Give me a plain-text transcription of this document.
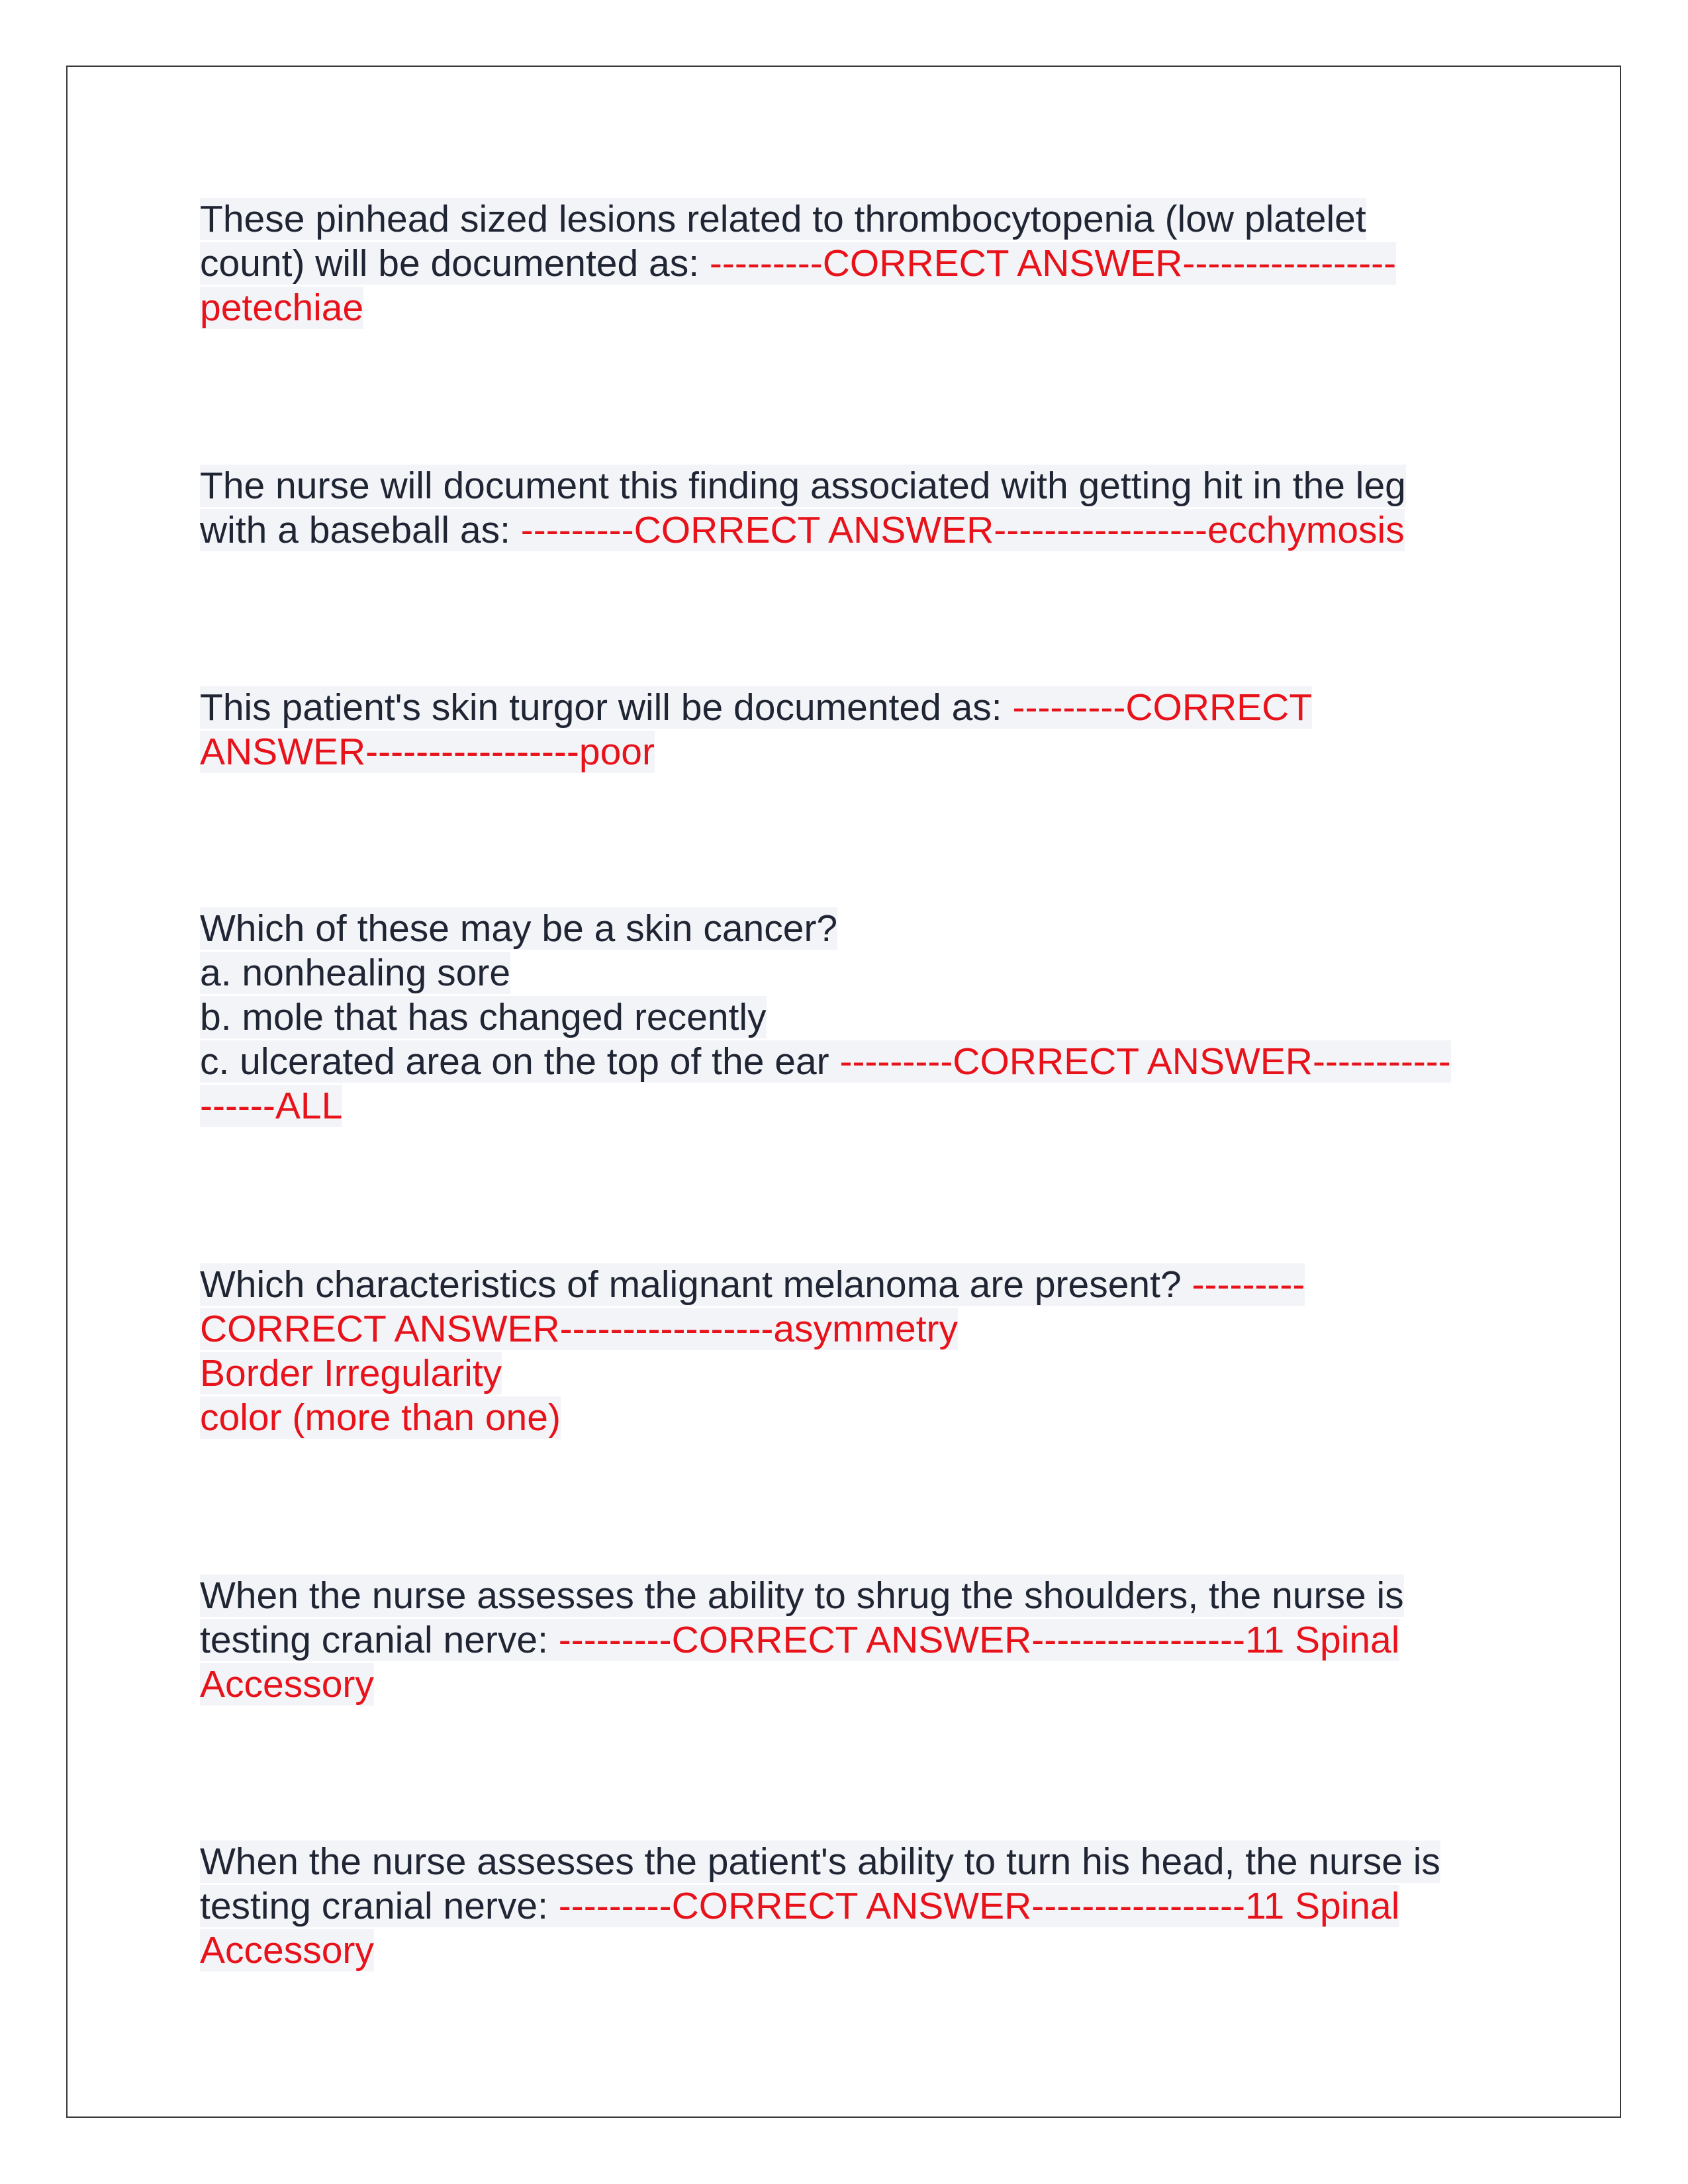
These pinhead sized lesions related to thrombocytopenia (low platelet
count) will be documented as: ---------CORRECT ANSWER-----------------
petechiae
The nurse will document this finding associated with getting hit in the leg
with a baseball as: ---------CORRECT ANSWER-----------------ecchymosis
This patient's skin turgor will be documented as: ---------CORRECT
ANSWER-----------------poor
Which of these may be a skin cancer?
a. nonhealing sore
b. mole that has changed recently
c. ulcerated area on the top of the ear ---------CORRECT ANSWER-----------
------ALL
Which characteristics of malignant melanoma are present? ---------
CORRECT ANSWER-----------------asymmetry
Border Irregularity
color (more than one)
When the nurse assesses the ability to shrug the shoulders, the nurse is
testing cranial nerve: ---------CORRECT ANSWER-----------------11 Spinal
Accessory
When the nurse assesses the patient's ability to turn his head, the nurse is
testing cranial nerve: ---------CORRECT ANSWER-----------------11 Spinal
Accessory
